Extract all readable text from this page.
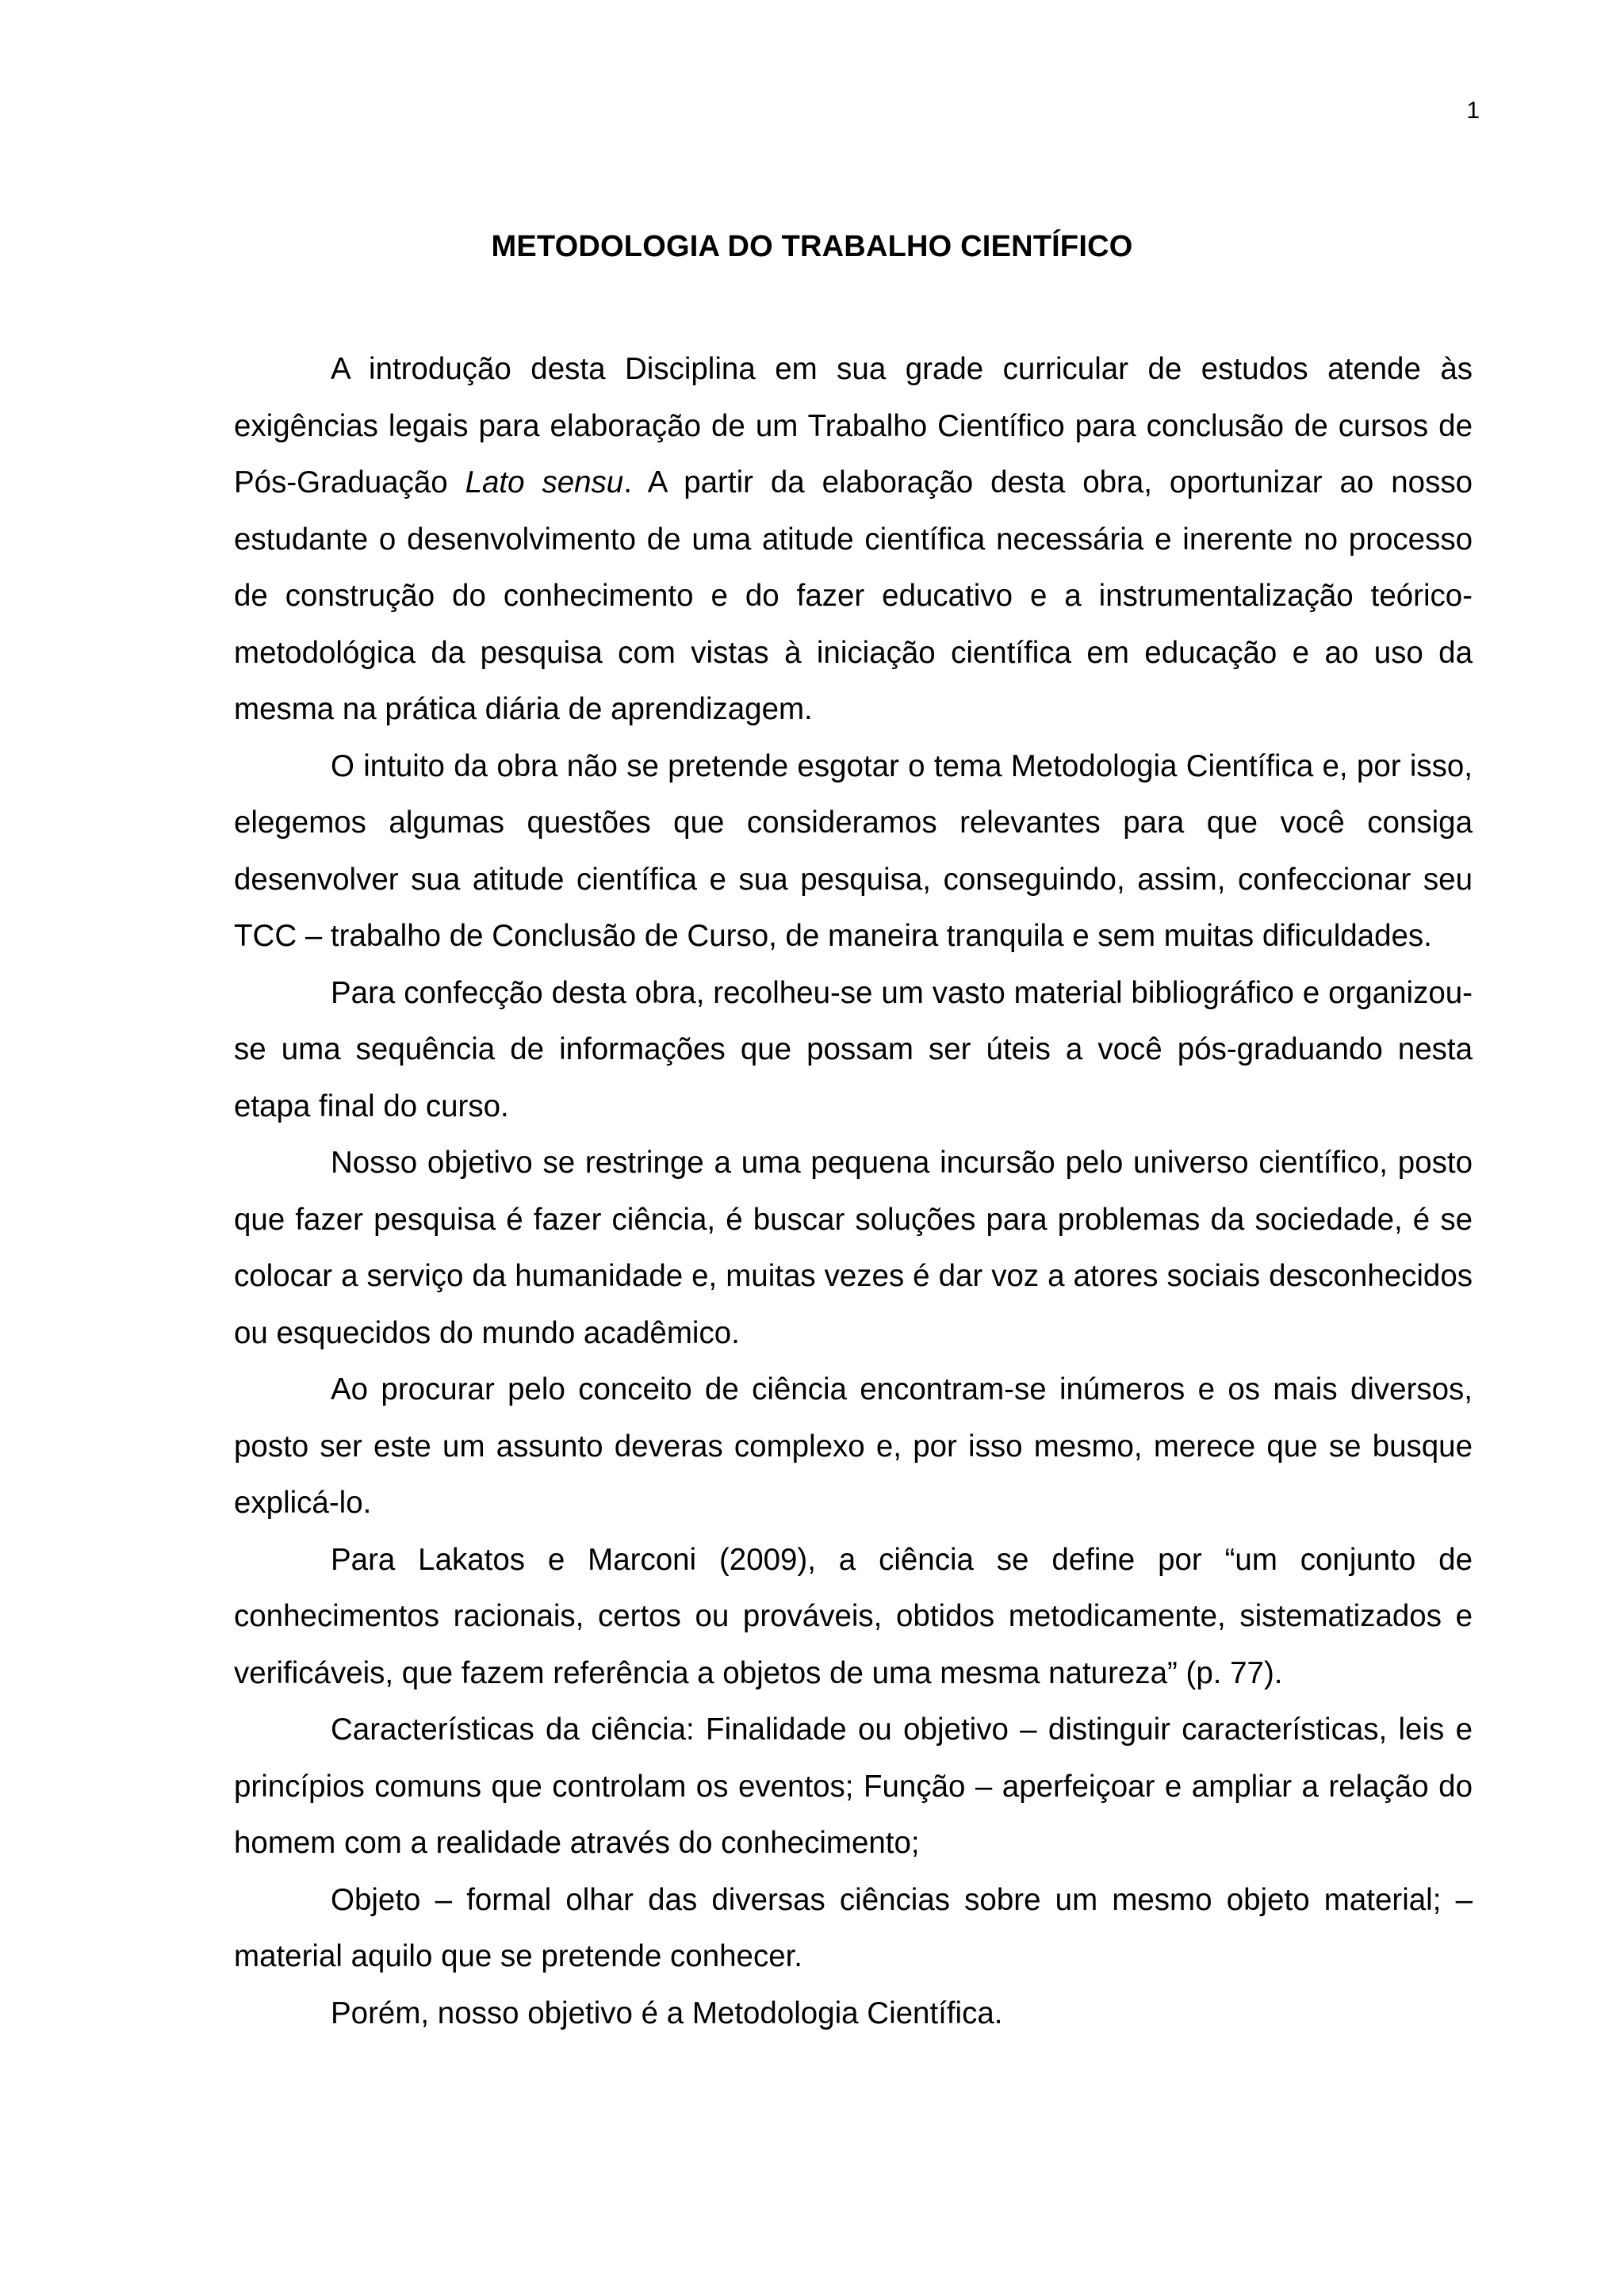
1
METODOLOGIA DO TRABALHO CIENTÍFICO

A introdução desta Disciplina em sua grade curricular de estudos atende às exigências legais para elaboração de um Trabalho Científico para conclusão de cursos de Pós-Graduação Lato sensu. A partir da elaboração desta obra, oportunizar ao nosso estudante o desenvolvimento de uma atitude científica necessária e inerente no processo de construção do conhecimento e do fazer educativo e a instrumentalização teórico-metodológica da pesquisa com vistas à iniciação científica em educação e ao uso da mesma na prática diária de aprendizagem.

O intuito da obra não se pretende esgotar o tema Metodologia Científica e, por isso, elegemos algumas questões que consideramos relevantes para que você consiga desenvolver sua atitude científica e sua pesquisa, conseguindo, assim, confeccionar seu TCC – trabalho de Conclusão de Curso, de maneira tranquila e sem muitas dificuldades.

Para confecção desta obra, recolheu-se um vasto material bibliográfico e organizou-se uma sequência de informações que possam ser úteis a você pós-graduando nesta etapa final do curso.

Nosso objetivo se restringe a uma pequena incursão pelo universo científico, posto que fazer pesquisa é fazer ciência, é buscar soluções para problemas da sociedade, é se colocar a serviço da humanidade e, muitas vezes é dar voz a atores sociais desconhecidos ou esquecidos do mundo acadêmico.

Ao procurar pelo conceito de ciência encontram-se inúmeros e os mais diversos, posto ser este um assunto deveras complexo e, por isso mesmo, merece que se busque explicá-lo.

Para Lakatos e Marconi (2009), a ciência se define por “um conjunto de conhecimentos racionais, certos ou prováveis, obtidos metodicamente, sistematizados e verificáveis, que fazem referência a objetos de uma mesma natureza” (p. 77).

Características da ciência: Finalidade ou objetivo – distinguir características, leis e princípios comuns que controlam os eventos; Função – aperfeiçoar e ampliar a relação do homem com a realidade através do conhecimento;

Objeto – formal olhar das diversas ciências sobre um mesmo objeto material; – material aquilo que se pretende conhecer.

Porém, nosso objetivo é a Metodologia Científica.
